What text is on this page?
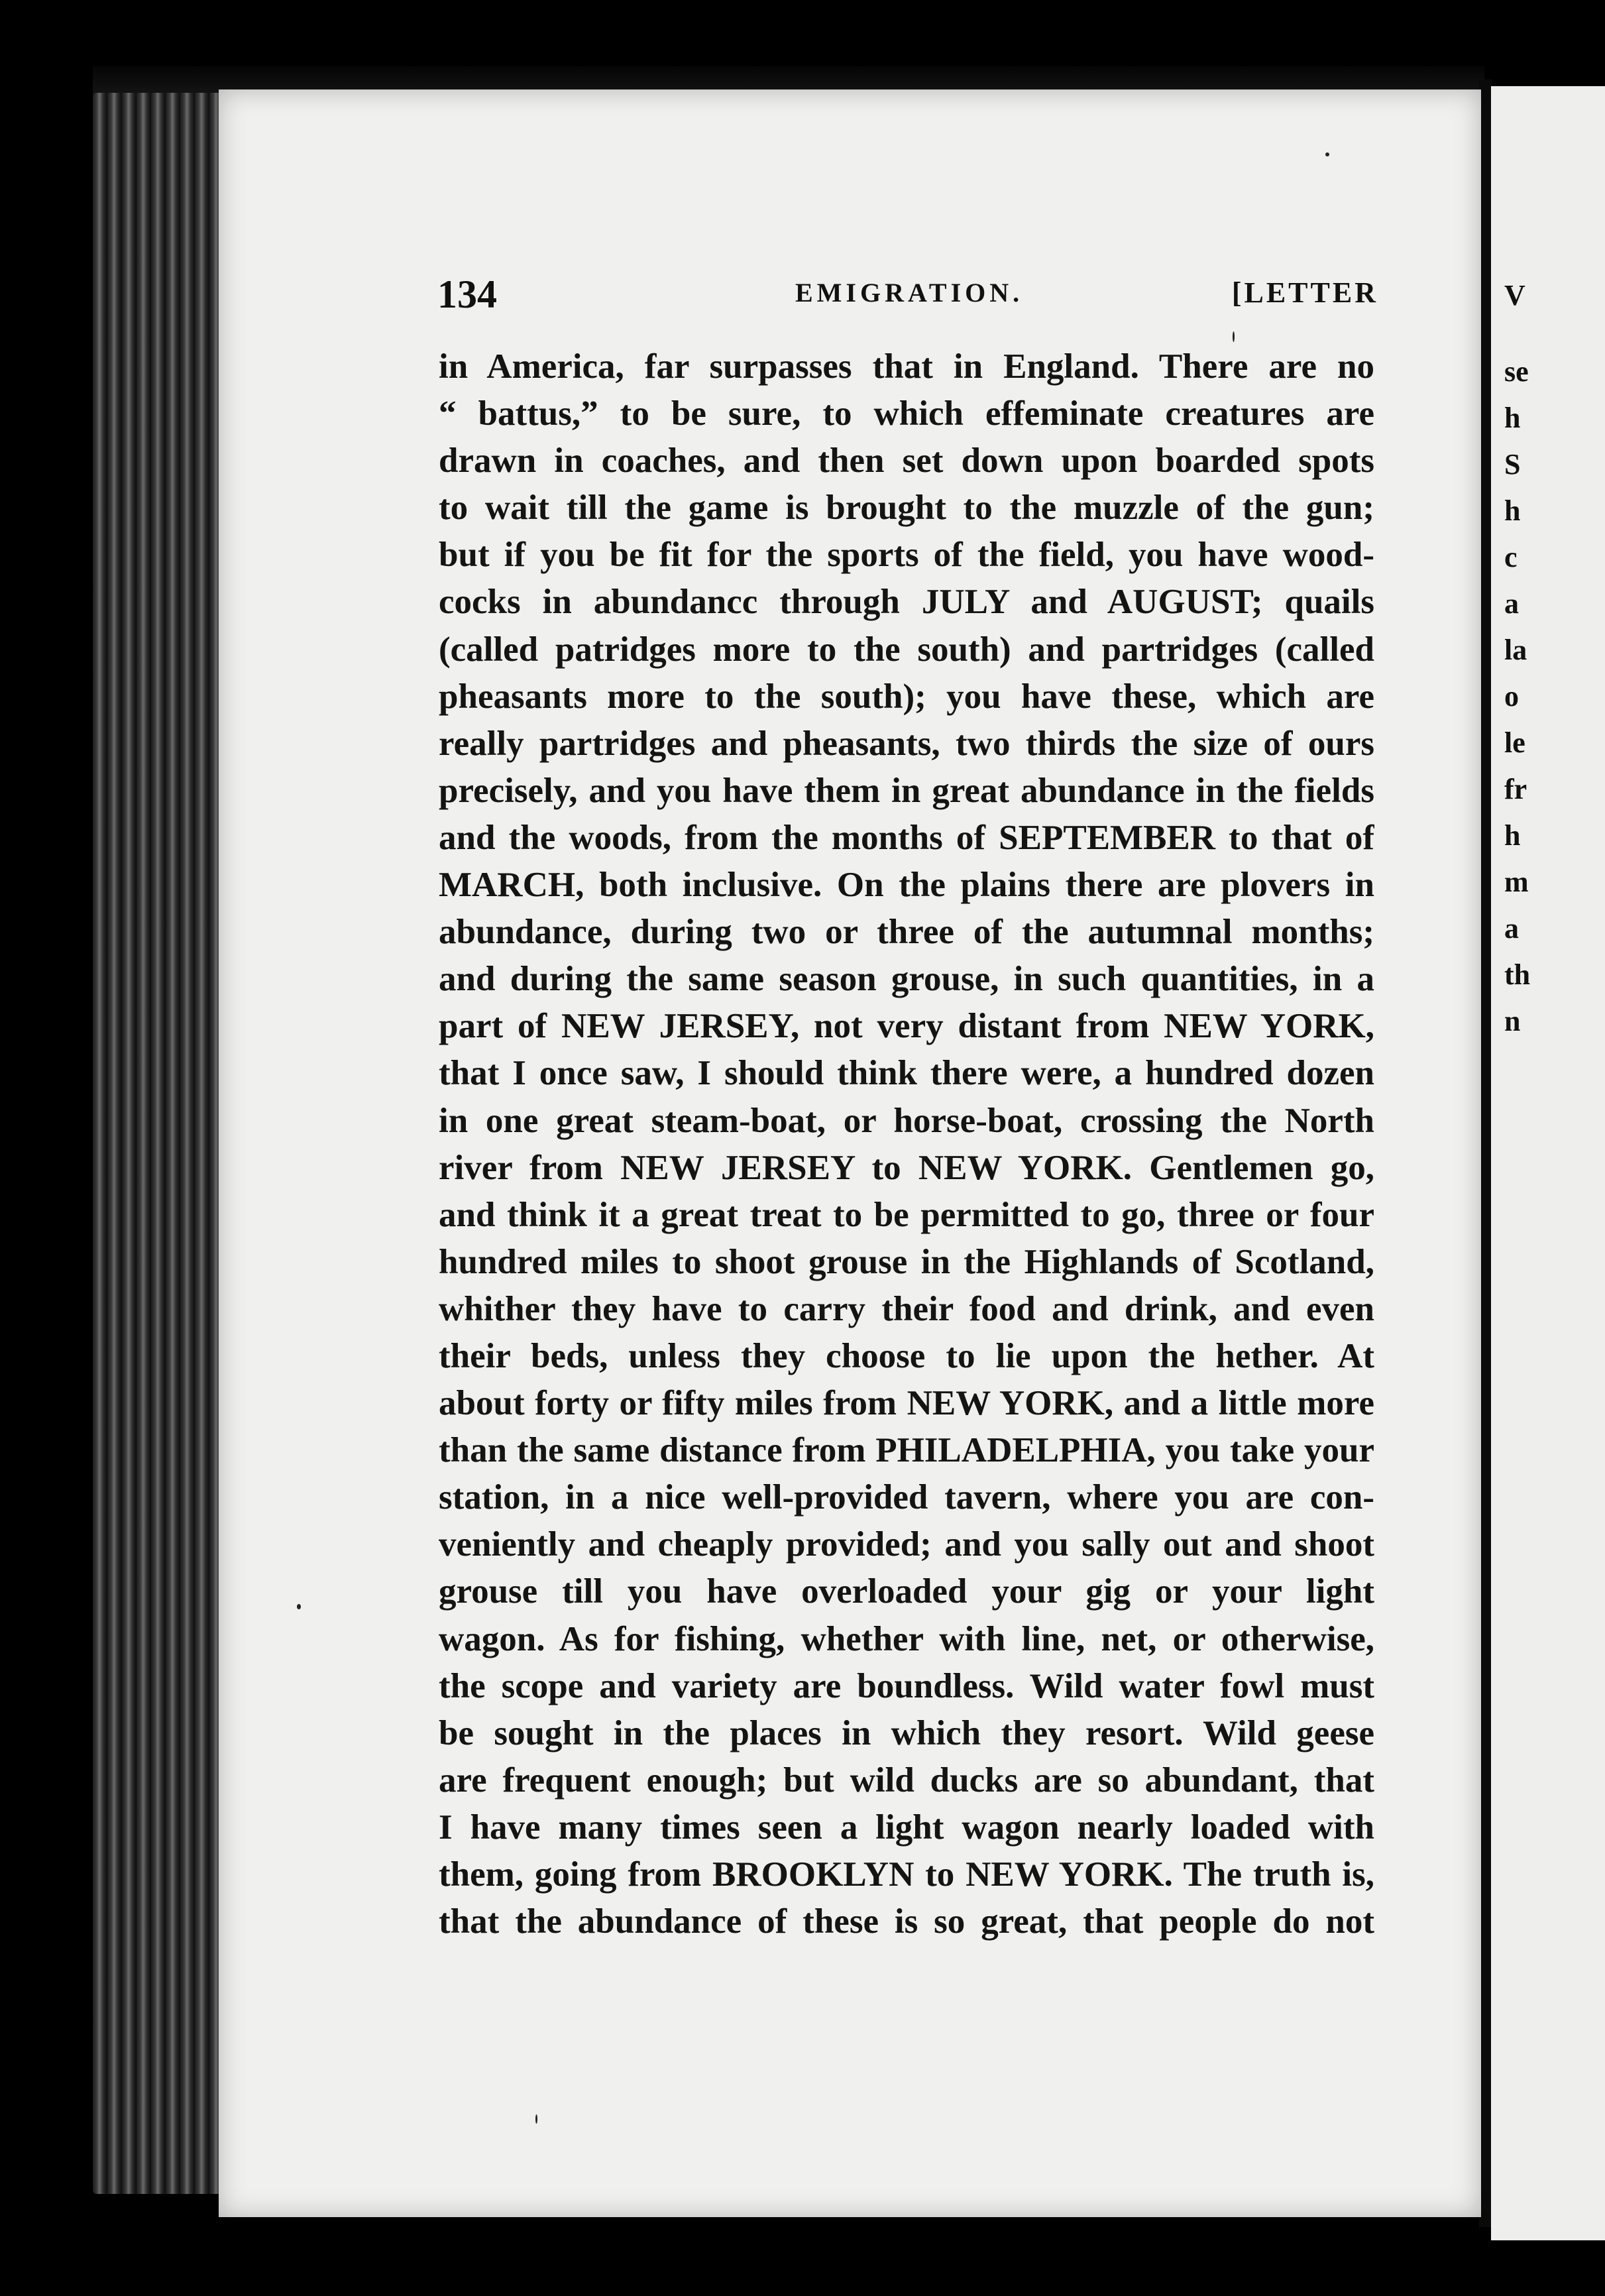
134	EMIGRATION.	[LETTER
in America, far surpasses that in England. There are no
“ battus,” to be sure, to which effeminate creatures are
drawn in coaches, and then set down upon boarded spots
to wait till the game is brought to the muzzle of the gun;
but if you be fit for the sports of the field, you have wood-
cocks in abundancc through JULY and AUGUST; quails
(called patridges more to the south) and partridges (called
pheasants more to the south); you have these, which are
really partridges and pheasants, two thirds the size of ours
precisely, and you have them in great abundance in the fields
and the woods, from the months of SEPTEMBER to that of
MARCH, both inclusive. On the plains there are plovers in
abundance, during two or three of the autumnal months;
and during the same season grouse, in such quantities, in a
part of NEW JERSEY, not very distant from NEW YORK,
that I once saw, I should think there were, a hundred dozen
in one great steam-boat, or horse-boat, crossing the North
river from NEW JERSEY to NEW YORK. Gentlemen go,
and think it a great treat to be permitted to go, three or four
hundred miles to shoot grouse in the Highlands of Scotland,
whither they have to carry their food and drink, and even
their beds, unless they choose to lie upon the hether. At
about forty or fifty miles from NEW YORK, and a little more
than the same distance from PHILADELPHIA, you take your
station, in a nice well-provided tavern, where you are con-
veniently and cheaply provided; and you sally out and shoot
grouse till you have overloaded your gig or your light
wagon. As for fishing, whether with line, net, or otherwise,
the scope and variety are boundless. Wild water fowl must
be sought in the places in which they resort. Wild geese
are frequent enough; but wild ducks are so abundant, that
I have many times seen a light wagon nearly loaded with
them, going from BROOKLYN to NEW YORK. The truth is,
that the abundance of these is so great, that people do not
V
se
h
S
h
c
a
la
o
le
fr
h
m
a
th
n
